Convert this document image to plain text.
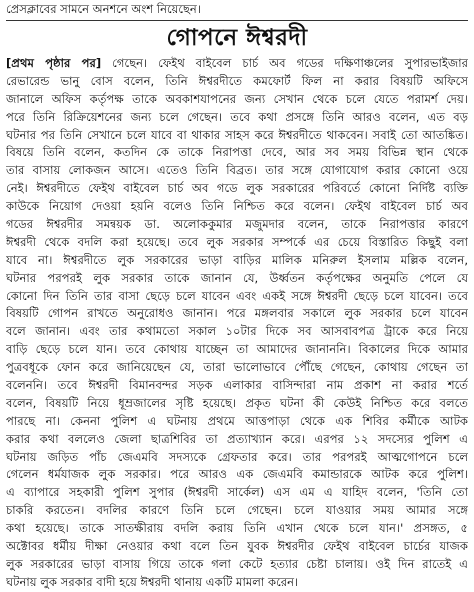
প্রেসক্লাবের সামনে অনশনে অংশ নিয়েছেন।

গোপনে ঈশ্বরদী
[প্রথম পৃষ্ঠার পর] গেছেন। ফেইথ বাইবেল চার্চ অব গডের দক্ষিণাঞ্চলের সুপারভাইজার
রেভারেন্ড ভানু বোস বলেন, তিনি ঈশ্বরদীতে কমফোর্ট ফিল না করার বিষয়টি অফিসে
জানালে অফিস কর্তৃপক্ষ তাকে অবকাশযাপনের জন্য সেখান থেকে চলে যেতে পরামর্শ দেয়।
পরে তিনি রিক্রিয়েশনের জন্য চলে গেছেন। তবে কথা প্রসঙ্গে তিনি আরও বলেন, এত বড়
ঘটনার পর তিনি সেখানে চলে যাবে বা থাকার সাহস করে ঈশ্বরদীতে থাকবেন। সবাই তো আতঙ্কিত।
বিষয়ে তিনি বলেন, কতদিন কে তাকে নিরাপত্তা দেবে, আর সব সময় বিভিন্ন স্থান থেকে
তার বাসায় লোকজন আসে। এতেও তিনি বিব্রত। তার সঙ্গে যোগাযোগ করার কোনো ওয়ে
নেই। ঈশ্বরদীতে ফেইথ বাইবেল চার্চ অব গডে লুক সরকারের পরিবর্তে কোনো নির্দিষ্ট ব্যক্তি
কাউকে নিয়োগ দেওয়া হয়নি বলেও তিনি নিশ্চিত করে বলেন। ফেইথ বাইবেল চার্চ অব
গডের ঈশ্বরদীর সমন্বয়ক ডা. অলোককুমার মজুমদার বলেন, তাকে নিরাপত্তার কারণে
ঈশ্বরদী থেকে বদলি করা হয়েছে। তবে লুক সরকার সম্পর্কে এর চেয়ে বিস্তারিত কিছুই বলা
যাবে না। ঈশ্বরদীতে লুক সরকারের ভাড়া বাড়ির মালিক মনিরুল ইসলাম মল্লিক বলেন,
ঘটনার পরপরই লুক সরকার তাকে জানান যে, উর্ধ্বতন কর্তৃপক্ষের অনুমতি পেলে যে
কোনো দিন তিনি তার বাসা ছেড়ে চলে যাবেন এবং একই সঙ্গে ঈশ্বরদী ছেড়ে চলে যাবেন। তবে
বিষয়টি গোপন রাখতে অনুরোধও জানান। পরে মঙ্গলবার সকালে লুক সরকার চলে যাবেন
বলে জানান। এবং তার কথামতো সকাল ১০টার দিকে সব আসবাবপত্র ট্রাকে করে নিয়ে
বাড়ি ছেড়ে চলে যান। তবে কোথায় যাচ্ছেন তা আমাদের জানাননি। বিকালের দিকে আমার
পুত্রবধূকে ফোন করে জানিয়েছেন যে, তারা ভালোভাবে পৌঁছে গেছেন, কোথায় গেছেন তা
বলেননি। তবে ঈশ্বরদী বিমানবন্দর সড়ক এলাকার বাসিন্দারা নাম প্রকাশ না করার শর্তে
বলেন, বিষয়টি নিয়ে ধূম্রজালের সৃষ্টি হয়েছে। প্রকৃত ঘটনা কী কেউই নিশ্চিত করে বলতে
পারছে না। কেননা পুলিশ এ ঘটনায় প্রথমে আত্তপাড়া থেকে এক শিবির কর্মীকে আটক
করার কথা বললেও জেলা ছাত্রশিবির তা প্রত্যাখ্যান করে। এরপর ১২ সদস্যের পুলিশ এ
ঘটনায় জড়িত পাঁচ জেএমবি সদস্যকে গ্রেফতার করে। তার পরপরই আত্মগোপনে চলে
গেলেন ধর্মযাজক লুক সরকার। পরে আরও এক জেএমবি কমান্ডারকে আটক করে পুলিশ।
এ ব্যাপারে সহকারী পুলিশ সুপার (ঈশ্বরদী সার্কেল) এস এম এ যাহিদ বলেন, 'তিনি তো
চাকরি করতেন। বদলির কারণে তিনি চলে গেছেন। চলে যাওয়ার সময় আমার সঙ্গে
কথা হয়েছে। তাকে সাতক্ষীরায় বদলি করায় তিনি এখান থেকে চলে যান।' প্রসঙ্গত, ৫
অক্টোবর ধর্মীয় দীক্ষা নেওয়ার কথা বলে তিন যুবক ঈশ্বরদীর ফেইথ বাইবেল চার্চের যাজক
লুক সরকারের ভাড়া বাসায় গিয়ে তাকে গলা কেটে হত্যার চেষ্টা চালায়। ওই দিন রাতেই এ
ঘটনায় লুক সরকার বাদী হয়ে ঈশ্বরদী থানায় একটি মামলা করেন।
